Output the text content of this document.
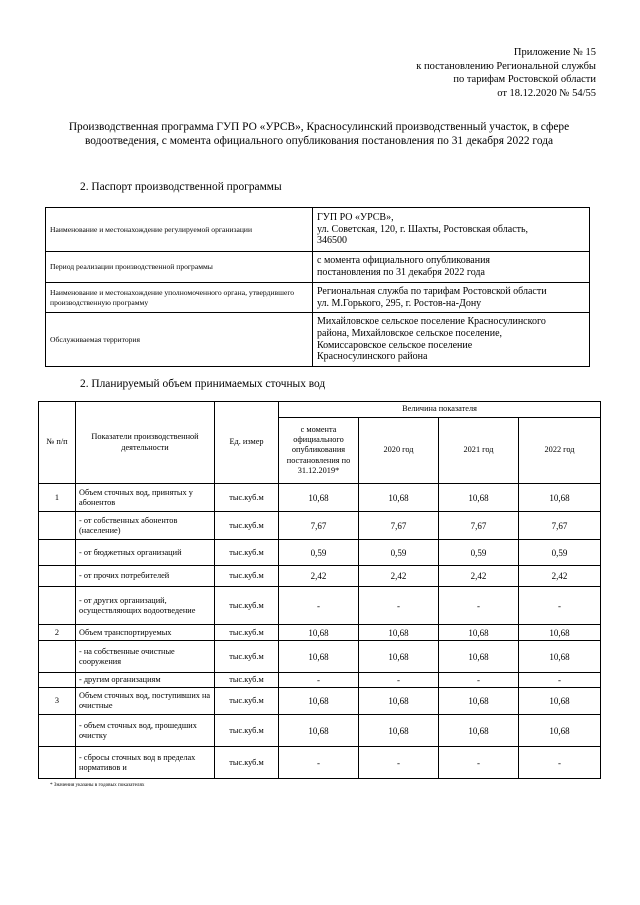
Приложение № 15
к постановлению Региональной службы
по тарифам Ростовской области
от 18.12.2020 № 54/55
Производственная программа ГУП РО «УРСВ», Красносулинский производственный участок, в сфере водоотведения, с момента официального опубликования постановления по 31 декабря 2022 года
2. Паспорт производственной программы
Наименование и местонахождение регулируемой организации	ГУП РО «УРСВ»,
ул. Советская, 120, г. Шахты, Ростовская область,
346500

Период реализации производственной программы	с момента официального опубликования
постановления по 31 декабря 2022 года

Наименование и местонахождение уполномоченного органа, утвердившего производственную программу	Региональная служба по тарифам Ростовской области
ул. М.Горького, 295, г. Ростов-на-Дону

Обслуживаемая территория	Михайловское сельское поселение Красносулинского
района, Михайловское сельское поселение,
Комиссаровское сельское поселение
Красносулинского района
2. Планируемый объем принимаемых сточных вод
№ п/п	Показатели производственной деятельности	Ед. измер	Величина показателя			
			с момента официального опубликования постановления по 31.12.2019*	2020 год	2021 год	2022 год
1	Объем сточных вод, принятых у абонентов	тыс.куб.м	10,68	10,68	10,68	10,68
	- от собственных абонентов (население)	тыс.куб.м	7,67	7,67	7,67	7,67
	- от бюджетных организаций	тыс.куб.м	0,59	0,59	0,59	0,59
	- от прочих потребителей	тыс.куб.м	2,42	2,42	2,42	2,42
	- от других организаций, осуществляющих водоотведение	тыс.куб.м	-	-	-	-
2	Объем транспортируемых	тыс.куб.м	10,68	10,68	10,68	10,68
	- на собственные очистные сооружения	тыс.куб.м	10,68	10,68	10,68	10,68
	- другим организациям	тыс.куб.м	-	-	-	-
3	Объем сточных вод, поступивших на очистные	тыс.куб.м	10,68	10,68	10,68	10,68
	- объем сточных вод, прошедших очистку	тыс.куб.м	10,68	10,68	10,68	10,68
	- сбросы сточных вод в пределах нормативов и	тыс.куб.м	-	-	-	-
* Значения указаны в годовых показателях
